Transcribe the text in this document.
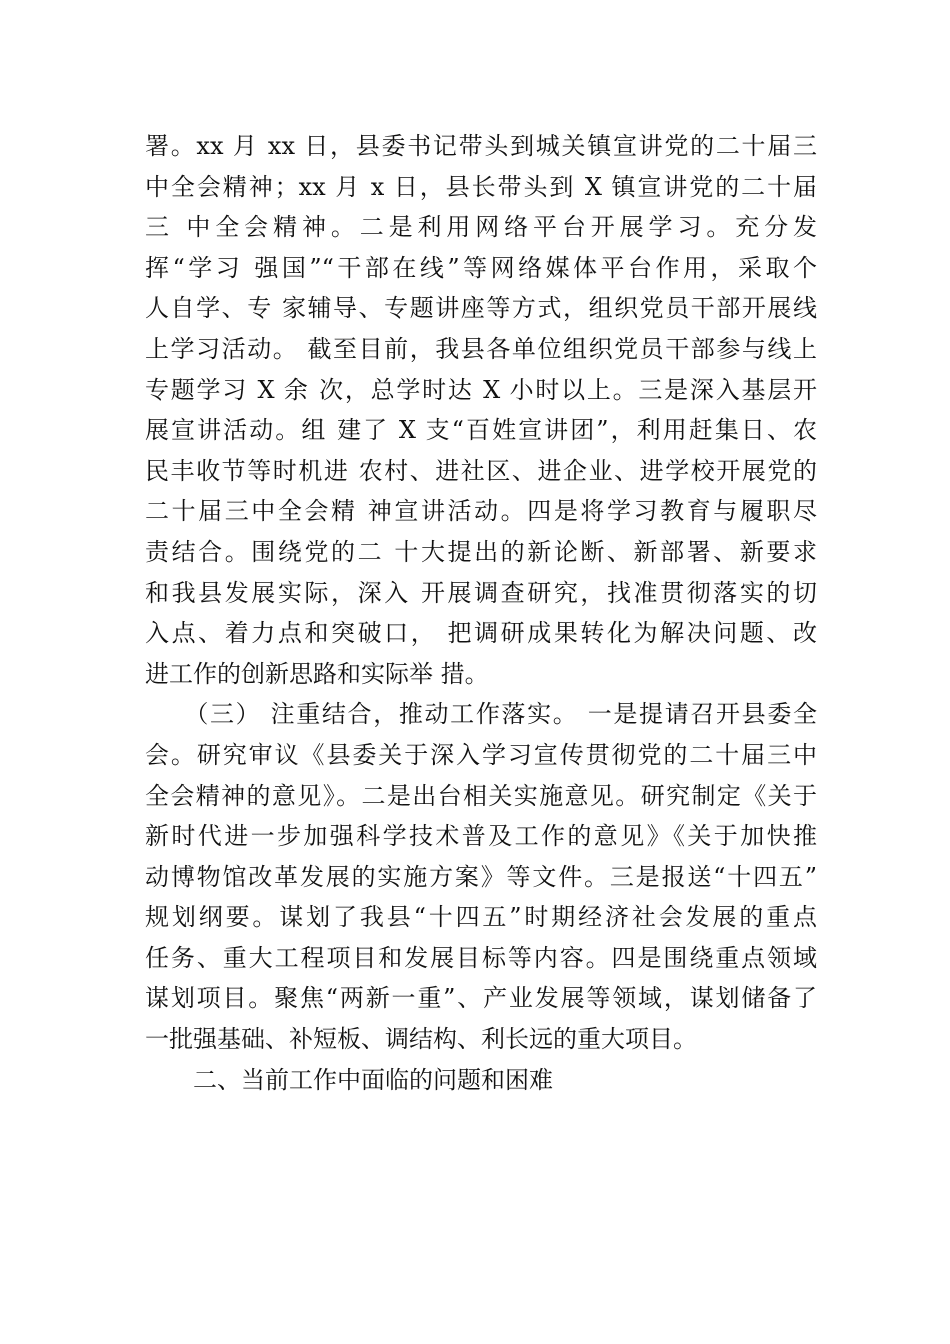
署。xx 月 xx 日，县委书记带头到城关镇宣讲党的二十届三
中全会精神；xx 月 x 日，县长带头到 X 镇宣讲党的二十届
三 中全会精神。二是利用网络平台开展学习。充分发
挥“学习 强国”“干部在线”等网络媒体平台作用，采取个
人自学、专 家辅导、专题讲座等方式，组织党员干部开展线
上学习活动。 截至目前，我县各单位组织党员干部参与线上
专题学习 X 余 次，总学时达 X 小时以上。三是深入基层开
展宣讲活动。组 建了 X 支“百姓宣讲团”，利用赶集日、农
民丰收节等时机进 农村、进社区、进企业、进学校开展党的
二十届三中全会精 神宣讲活动。四是将学习教育与履职尽
责结合。围绕党的二 十大提出的新论断、新部署、新要求
和我县发展实际，深入 开展调查研究，找准贯彻落实的切
入点、着力点和突破口， 把调研成果转化为解决问题、改
进工作的创新思路和实际举 措。
　　（三） 注重结合，推动工作落实。 一是提请召开县委全
会。研究审议《县委关于深入学习宣传贯彻党的二十届三中
全会精神的意见》。二是出台相关实施意见。研究制定《关于
新时代进一步加强科学技术普及工作的意见》《关于加快推
动博物馆改革发展的实施方案》等文件。三是报送“十四五”
规划纲要。谋划了我县“十四五”时期经济社会发展的重点
任务、重大工程项目和发展目标等内容。四是围绕重点领域
谋划项目。聚焦“两新一重”、产业发展等领域，谋划储备了
一批强基础、补短板、调结构、利长远的重大项目。
　　二、当前工作中面临的问题和困难
